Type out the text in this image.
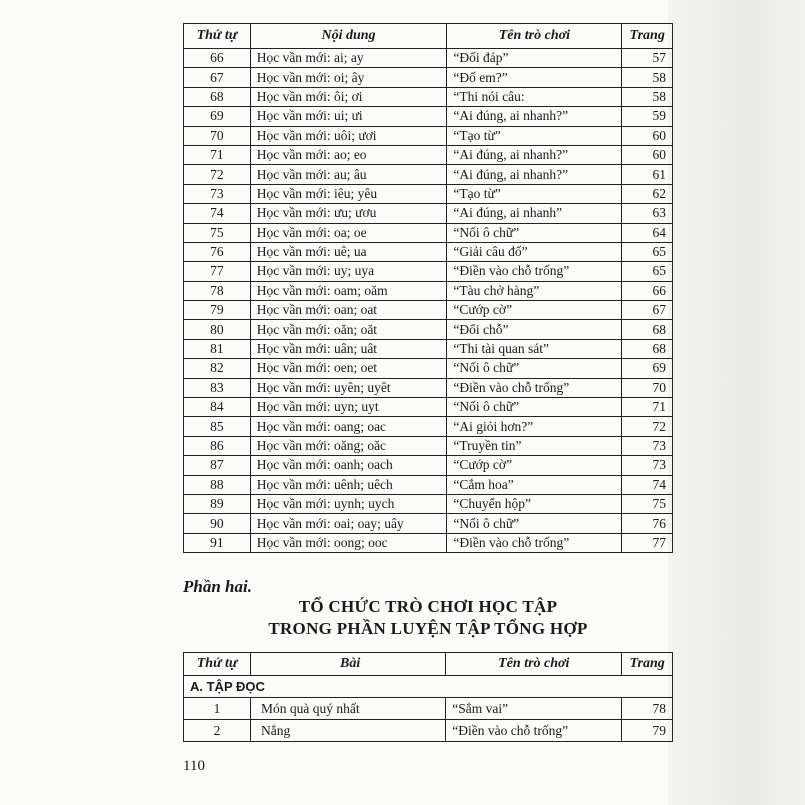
Thứ tự	Nội dung	Tên trò chơi	Trang
66	Học vần mới: ai; ay	“Đối đáp”	57
67	Học vần mới: oi; ây	“Đố em?”	58
68	Học vần mới: ôi; ơi	“Thi nói câu:	58
69	Học vần mới: ui; ưi	“Ai đúng, ai nhanh?”	59
70	Học vần mới: uôi; ươi	“Tạo từ”	60
71	Học vần mới: ao; eo	“Ai đúng, ai nhanh?”	60
72	Học vần mới: au; âu	“Ai đúng, ai nhanh?”	61
73	Học vần mới: iêu; yêu	“Tạo từ”	62
74	Học vần mới: ưu; ươu	“Ai đúng, ai nhanh”	63
75	Học vần mới: oa; oe	“Nối ô chữ”	64
76	Học vần mới: uê; ua	“Giải câu đố”	65
77	Học vần mới: uy; uya	“Điền vào chỗ trống”	65
78	Học vần mới: oam; oăm	“Tàu chở hàng”	66
79	Học vần mới: oan; oat	“Cướp cờ”	67
80	Học vần mới: oăn; oăt	“Đổi chỗ”	68
81	Học vần mới: uân; uât	“Thi tài quan sát”	68
82	Học vần mới: oen; oet	“Nối ô chữ”	69
83	Học vần mới: uyên; uyêt	“Điền vào chỗ trống”	70
84	Học vần mới: uyn; uyt	“Nối ô chữ”	71
85	Học vần mới: oang; oac	“Ai giỏi hơn?”	72
86	Học vần mới: oăng; oăc	“Truyền tin”	73
87	Học vần mới: oanh; oach	“Cướp cờ”	73
88	Học vần mới: uênh; uêch	“Cắm hoa”	74
89	Học vần mới: uynh; uych	“Chuyển hộp”	75
90	Học vần mới: oai; oay; uây	“Nối ô chữ”	76
91	Học vần mới: oong; ooc	“Điền vào chỗ trống”	77
Phần hai.
TỔ CHỨC TRÒ CHƠI HỌC TẬP
TRONG PHẦN LUYỆN TẬP TỔNG HỢP
Thứ tự	Bài	Tên trò chơi	Trang
A. TẬP ĐỌC			
1	Món quà quý nhất	“Sắm vai”	78
2	Nắng	“Điền vào chỗ trống”	79
110
